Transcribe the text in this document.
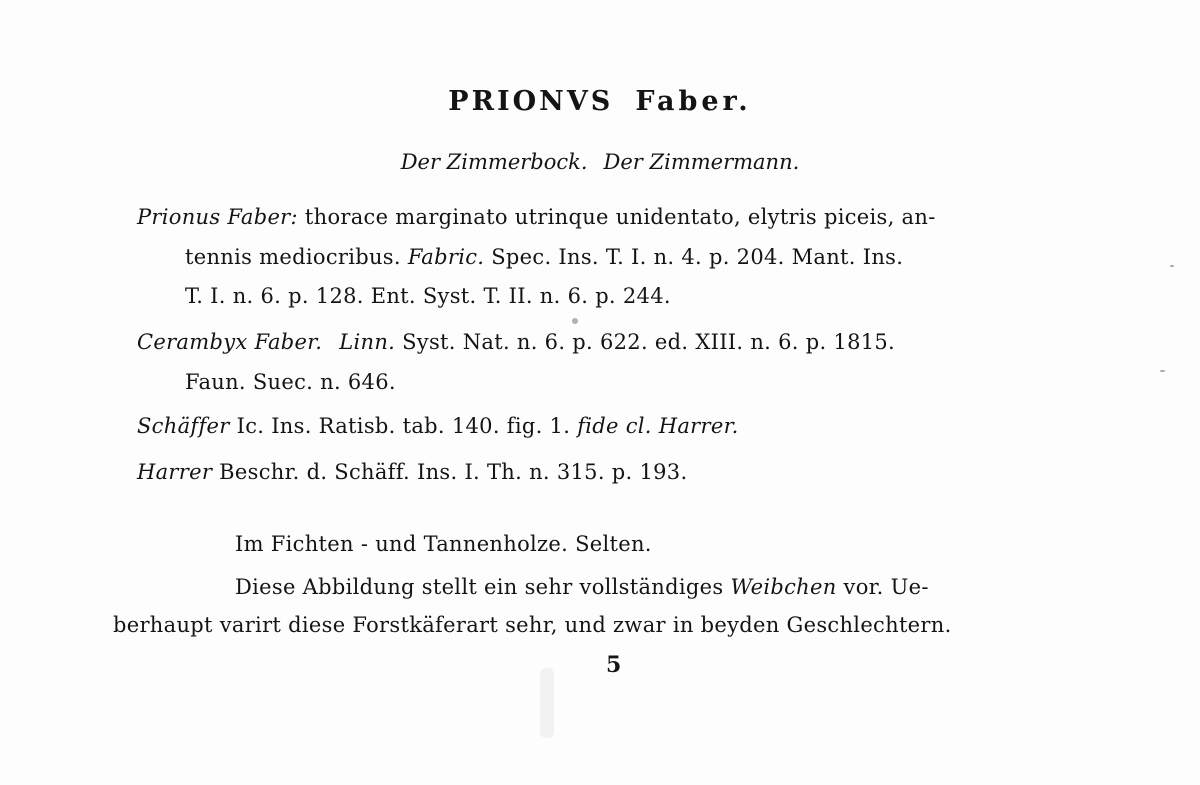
PRIONVS Faber.
Der Zimmerbock. Der Zimmermann.
Prionus Faber: thorace marginato utrinque unidentato, elytris piceis, an-
tennis mediocribus. Fabric. Spec. Ins. T. I. n. 4. p. 204. Mant. Ins.
T. I. n. 6. p. 128. Ent. Syst. T. II. n. 6. p. 244.
Cerambyx Faber. Linn. Syst. Nat. n. 6. p. 622. ed. XIII. n. 6. p. 1815.
Faun. Suec. n. 646.
Schäffer Ic. Ins. Ratisb. tab. 140. fig. 1. fide cl. Harrer.
Harrer Beschr. d. Schäff. Ins. I. Th. n. 315. p. 193.
Im Fichten - und Tannenholze. Selten.
Diese Abbildung stellt ein sehr vollständiges Weibchen vor. Ue-
berhaupt varirt diese Forstkäferart sehr, und zwar in beyden Geschlechtern.
5
